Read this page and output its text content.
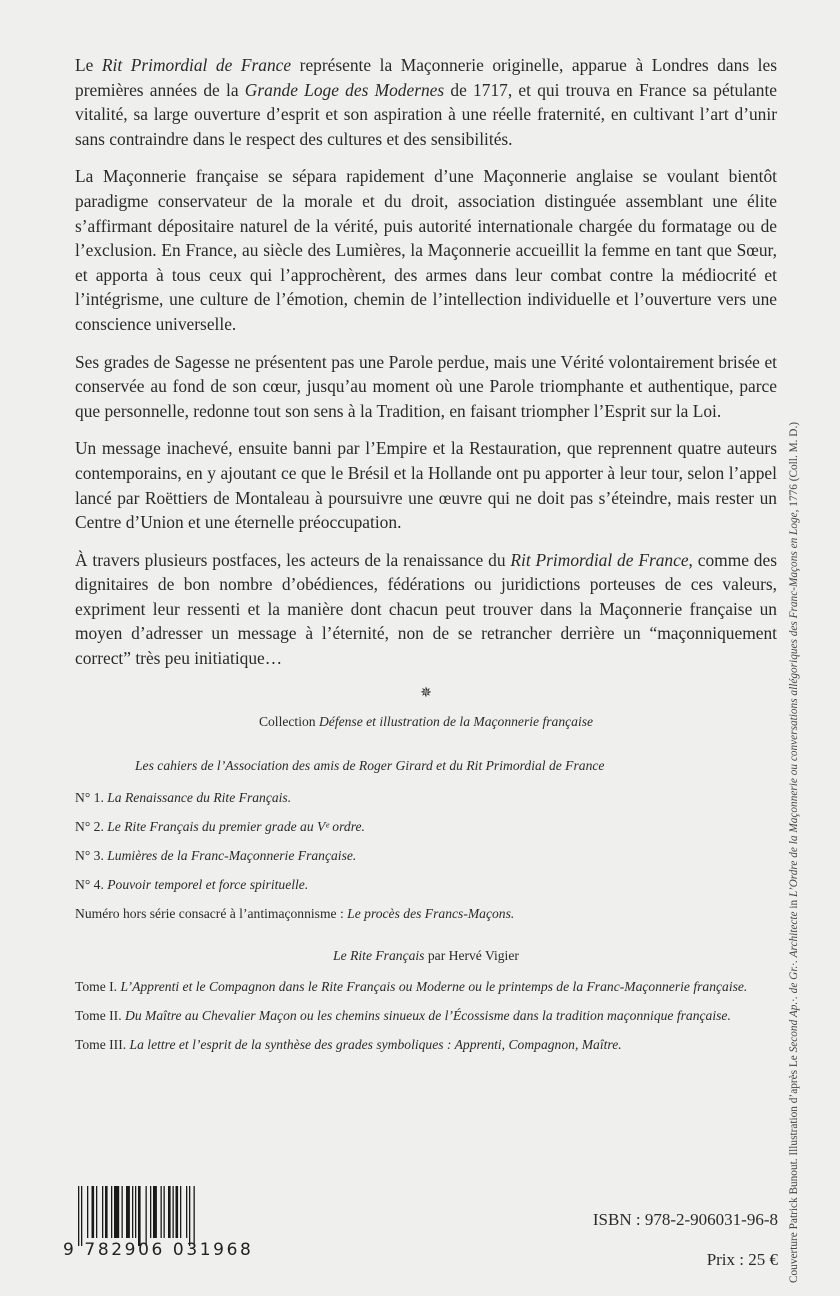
Le Rit Primordial de France représente la Maçonnerie originelle, apparue à Londres dans les premières années de la Grande Loge des Modernes de 1717, et qui trouva en France sa pétulante vitalité, sa large ouverture d’esprit et son aspiration à une réelle fraternité, en cultivant l’art d’unir sans contraindre dans le respect des cultures et des sensibilités.
La Maçonnerie française se sépara rapidement d’une Maçonnerie anglaise se voulant bientôt paradigme conservateur de la morale et du droit, association distinguée assemblant une élite s’affirmant dépositaire naturel de la vérité, puis autorité internationale chargée du formatage ou de l’exclusion. En France, au siècle des Lumières, la Maçonnerie accueillit la femme en tant que Sœur, et apporta à tous ceux qui l’approchèrent, des armes dans leur combat contre la médiocrité et l’intégrisme, une culture de l’émotion, chemin de l’intellection individuelle et l’ouverture vers une conscience universelle.
Ses grades de Sagesse ne présentent pas une Parole perdue, mais une Vérité volontairement brisée et conservée au fond de son cœur, jusqu’au moment où une Parole triomphante et authentique, parce que personnelle, redonne tout son sens à la Tradition, en faisant triompher l’Esprit sur la Loi.
Un message inachevé, ensuite banni par l’Empire et la Restauration, que reprennent quatre auteurs contemporains, en y ajoutant ce que le Brésil et la Hollande ont pu apporter à leur tour, selon l’appel lancé par Roëttiers de Montaleau à poursuivre une œuvre qui ne doit pas s’éteindre, mais rester un Centre d’Union et une éternelle préoccupation.
À travers plusieurs postfaces, les acteurs de la renaissance du Rit Primordial de France, comme des dignitaires de bon nombre d’obédiences, fédérations ou juridictions porteuses de ces valeurs, expriment leur ressenti et la manière dont chacun peut trouver dans la Maçonnerie française un moyen d’adresser un message à l’éternité, non de se retrancher derrière un “maçonniquement correct” très peu initiatique…
✵
Collection Défense et illustration de la Maçonnerie française
Les cahiers de l’Association des amis de Roger Girard et du Rit Primordial de France
N° 1. La Renaissance du Rite Français.
N° 2. Le Rite Français du premier grade au Vᵉ ordre.
N° 3. Lumières de la Franc-Maçonnerie Française.
N° 4. Pouvoir temporel et force spirituelle.
Numéro hors série consacré à l’antimaçonnisme : Le procès des Francs-Maçons.
Le Rite Français par Hervé Vigier
Tome I. L’Apprenti et le Compagnon dans le Rite Français ou Moderne ou le printemps de la Franc-Maçonnerie française.
Tome II. Du Maître au Chevalier Maçon ou les chemins sinueux de l’Écossisme dans la tradition maçonnique française.
Tome III. La lettre et l’esprit de la synthèse des grades symboliques : Apprenti, Compagnon, Maître.
Couverture Patrick Bunout. Illustration d’après Le Second Ap.·. de Gr.·. Architecte in L’Ordre de la Maçonnerie ou conversations allégoriques des Franc-Maçons en Loge, 1776 (Coll. M. D.)
9 782906 031968
ISBN : 978-2-906031-96-8
Prix : 25 €
